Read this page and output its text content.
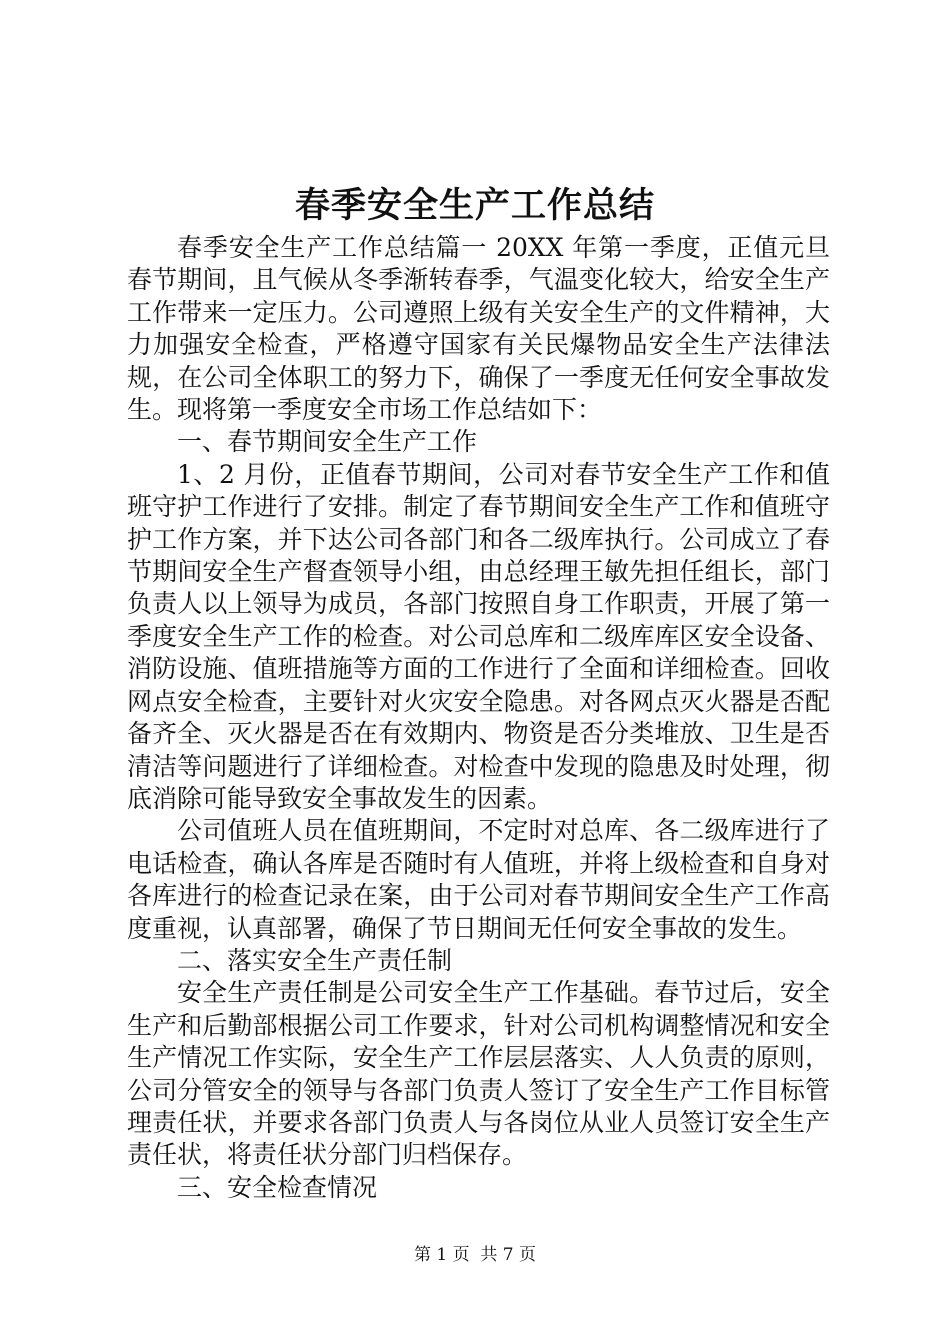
春季安全生产工作总结

春季安全生产工作总结篇一 20XX 年第一季度，正值元旦春节期间，且气候从冬季渐转春季，气温变化较大，给安全生产工作带来一定压力。公司遵照上级有关安全生产的文件精神，大力加强安全检查，严格遵守国家有关民爆物品安全生产法律法规，在公司全体职工的努力下，确保了一季度无任何安全事故发生。现将第一季度安全市场工作总结如下：

一、春节期间安全生产工作

1、2 月份，正值春节期间，公司对春节安全生产工作和值班守护工作进行了安排。制定了春节期间安全生产工作和值班守护工作方案，并下达公司各部门和各二级库执行。公司成立了春节期间安全生产督查领导小组，由总经理王敏先担任组长，部门负责人以上领导为成员，各部门按照自身工作职责，开展了第一季度安全生产工作的检查。对公司总库和二级库库区安全设备、消防设施、值班措施等方面的工作进行了全面和详细检查。回收网点安全检查，主要针对火灾安全隐患。对各网点灭火器是否配备齐全、灭火器是否在有效期内、物资是否分类堆放、卫生是否清洁等问题进行了详细检查。对检查中发现的隐患及时处理，彻底消除可能导致安全事故发生的因素。

公司值班人员在值班期间，不定时对总库、各二级库进行了电话检查，确认各库是否随时有人值班，并将上级检查和自身对各库进行的检查记录在案，由于公司对春节期间安全生产工作高度重视，认真部署，确保了节日期间无任何安全事故的发生。

二、落实安全生产责任制

安全生产责任制是公司安全生产工作基础。春节过后，安全生产和后勤部根据公司工作要求，针对公司机构调整情况和安全生产情况工作实际，安全生产工作层层落实、人人负责的原则，公司分管安全的领导与各部门负责人签订了安全生产工作目标管理责任状，并要求各部门负责人与各岗位从业人员签订安全生产责任状，将责任状分部门归档保存。

三、安全检查情况

第 1 页  共 7 页
